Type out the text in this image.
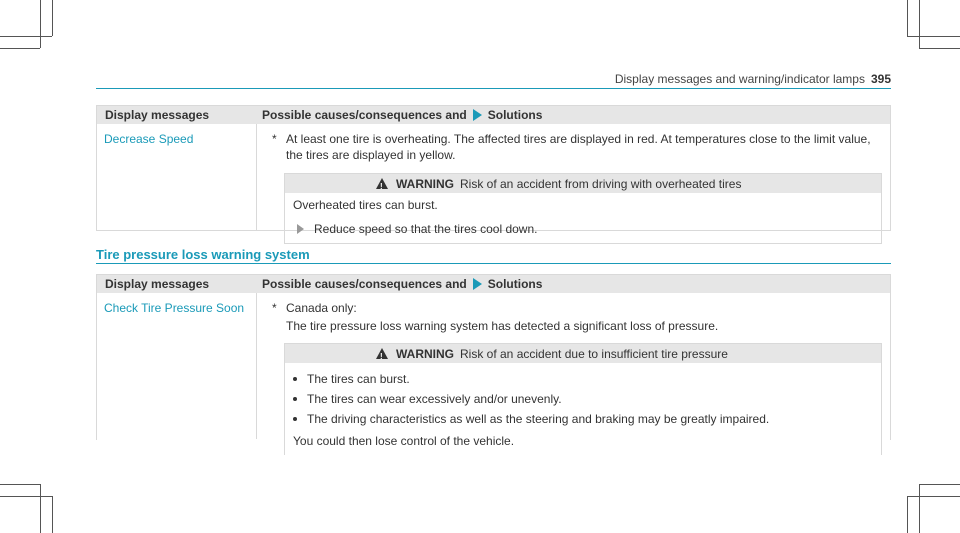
Display messages and warning/indicator lamps 395
Display messages	Possible causes/consequences and Solutions
Decrease Speed	* At least one tire is overheating. The affected tires are displayed in red. At temperatures close to the limit value, the tires are displayed in yellow.
!
WARNING Risk of an accident from driving with overheated tires
Overheated tires can burst.
Reduce speed so that the tires cool down.
Tire pressure loss warning system
Display messages	Possible causes/consequences and Solutions
Check Tire Pressure Soon	* Canada only:
The tire pressure loss warning system has detected a significant loss of pressure.
!
WARNING Risk of an accident due to insufficient tire pressure
The tires can burst.
The tires can wear excessively and/or unevenly.
The driving characteristics as well as the steering and braking may be greatly impaired.
You could then lose control of the vehicle.
